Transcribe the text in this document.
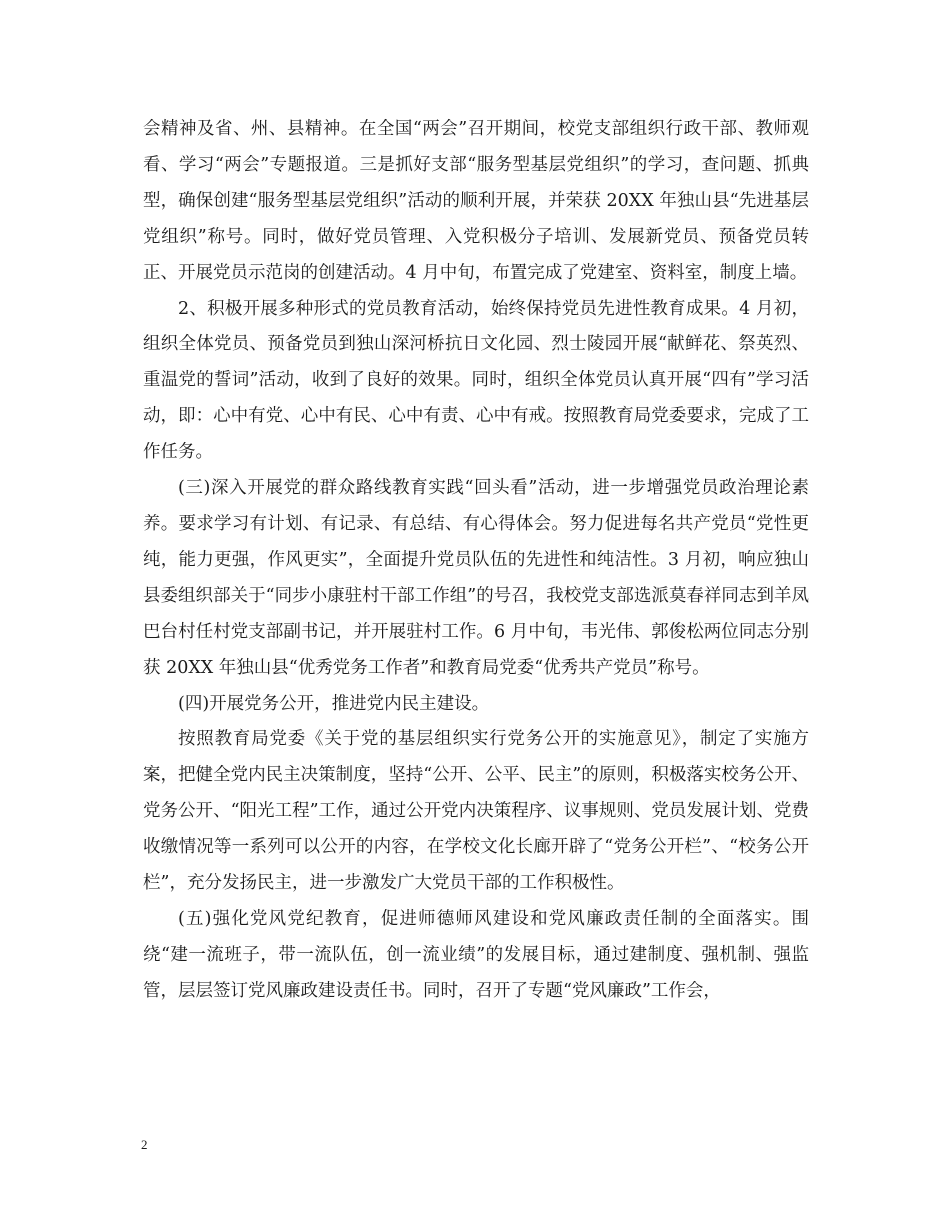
会精神及省、州、县精神。在全国“两会”召开期间，校党支部组织行政干部、教师观看、学习“两会”专题报道。三是抓好支部“服务型基层党组织”的学习，查问题、抓典型，确保创建“服务型基层党组织”活动的顺利开展，并荣获 20XX 年独山县“先进基层党组织”称号。同时，做好党员管理、入党积极分子培训、发展新党员、预备党员转正、开展党员示范岗的创建活动。4 月中旬，布置完成了党建室、资料室，制度上墙。

2、积极开展多种形式的党员教育活动，始终保持党员先进性教育成果。4 月初，组织全体党员、预备党员到独山深河桥抗日文化园、烈士陵园开展“献鲜花、祭英烈、重温党的誓词”活动，收到了良好的效果。同时，组织全体党员认真开展“四有”学习活动，即：心中有党、心中有民、心中有责、心中有戒。按照教育局党委要求，完成了工作任务。

(三)深入开展党的群众路线教育实践“回头看”活动，进一步增强党员政治理论素养。要求学习有计划、有记录、有总结、有心得体会。努力促进每名共产党员“党性更纯，能力更强，作风更实”，全面提升党员队伍的先进性和纯洁性。3 月初，响应独山县委组织部关于“同步小康驻村干部工作组”的号召，我校党支部选派莫春祥同志到羊凤巴台村任村党支部副书记，并开展驻村工作。6 月中旬，韦光伟、郭俊松两位同志分别获 20XX 年独山县“优秀党务工作者”和教育局党委“优秀共产党员”称号。

(四)开展党务公开，推进党内民主建设。

按照教育局党委《关于党的基层组织实行党务公开的实施意见》，制定了实施方案，把健全党内民主决策制度，坚持“公开、公平、民主”的原则，积极落实校务公开、党务公开、“阳光工程”工作，通过公开党内决策程序、议事规则、党员发展计划、党费收缴情况等一系列可以公开的内容，在学校文化长廊开辟了“党务公开栏”、“校务公开栏”，充分发扬民主，进一步激发广大党员干部的工作积极性。

(五)强化党风党纪教育，促进师德师风建设和党风廉政责任制的全面落实。围绕“建一流班子，带一流队伍，创一流业绩”的发展目标，通过建制度、强机制、强监管，层层签订党风廉政建设责任书。同时，召开了专题“党风廉政”工作会，

2
